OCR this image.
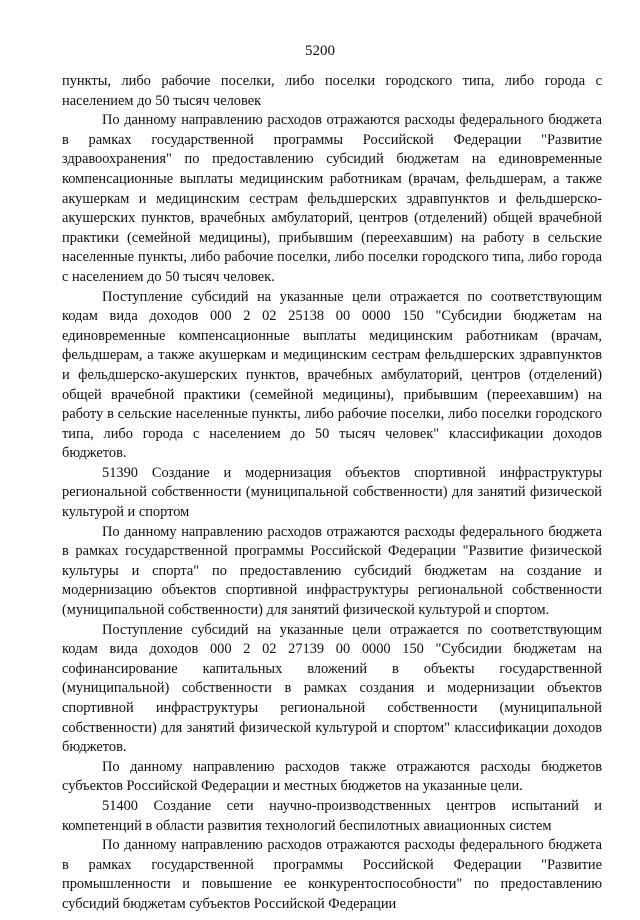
5200

пункты, либо рабочие поселки, либо поселки городского типа, либо города с населением до 50 тысяч человек

По данному направлению расходов отражаются расходы федерального бюджета в рамках государственной программы Российской Федерации "Развитие здравоохранения" по предоставлению субсидий бюджетам на единовременные компенсационные выплаты медицинским работникам (врачам, фельдшерам, а также акушеркам и медицинским сестрам фельдшерских здравпунктов и фельдшерско-акушерских пунктов, врачебных амбулаторий, центров (отделений) общей врачебной практики (семейной медицины), прибывшим (переехавшим) на работу в сельские населенные пункты, либо рабочие поселки, либо поселки городского типа, либо города с населением до 50 тысяч человек.

Поступление субсидий на указанные цели отражается по соответствующим кодам вида доходов 000 2 02 25138 00 0000 150 "Субсидии бюджетам на единовременные компенсационные выплаты медицинским работникам (врачам, фельдшерам, а также акушеркам и медицинским сестрам фельдшерских здравпунктов и фельдшерско-акушерских пунктов, врачебных амбулаторий, центров (отделений) общей врачебной практики (семейной медицины), прибывшим (переехавшим) на работу в сельские населенные пункты, либо рабочие поселки, либо поселки городского типа, либо города с населением до 50 тысяч человек" классификации доходов бюджетов.

51390 Создание и модернизация объектов спортивной инфраструктуры региональной собственности (муниципальной собственности) для занятий физической культурой и спортом

По данному направлению расходов отражаются расходы федерального бюджета в рамках государственной программы Российской Федерации "Развитие физической культуры и спорта" по предоставлению субсидий бюджетам на создание и модернизацию объектов спортивной инфраструктуры региональной собственности (муниципальной собственности) для занятий физической культурой и спортом.

Поступление субсидий на указанные цели отражается по соответствующим кодам вида доходов 000 2 02 27139 00 0000 150 "Субсидии бюджетам на софинансирование капитальных вложений в объекты государственной (муниципальной) собственности в рамках создания и модернизации объектов спортивной инфраструктуры региональной собственности (муниципальной собственности) для занятий физической культурой и спортом" классификации доходов бюджетов.

По данному направлению расходов также отражаются расходы бюджетов субъектов Российской Федерации и местных бюджетов на указанные цели.

51400 Создание сети научно-производственных центров испытаний и компетенций в области развития технологий беспилотных авиационных систем

По данному направлению расходов отражаются расходы федерального бюджета в рамках государственной программы Российской Федерации "Развитие промышленности и повышение ее конкурентоспособности" по предоставлению субсидий бюджетам субъектов Российской Федерации
